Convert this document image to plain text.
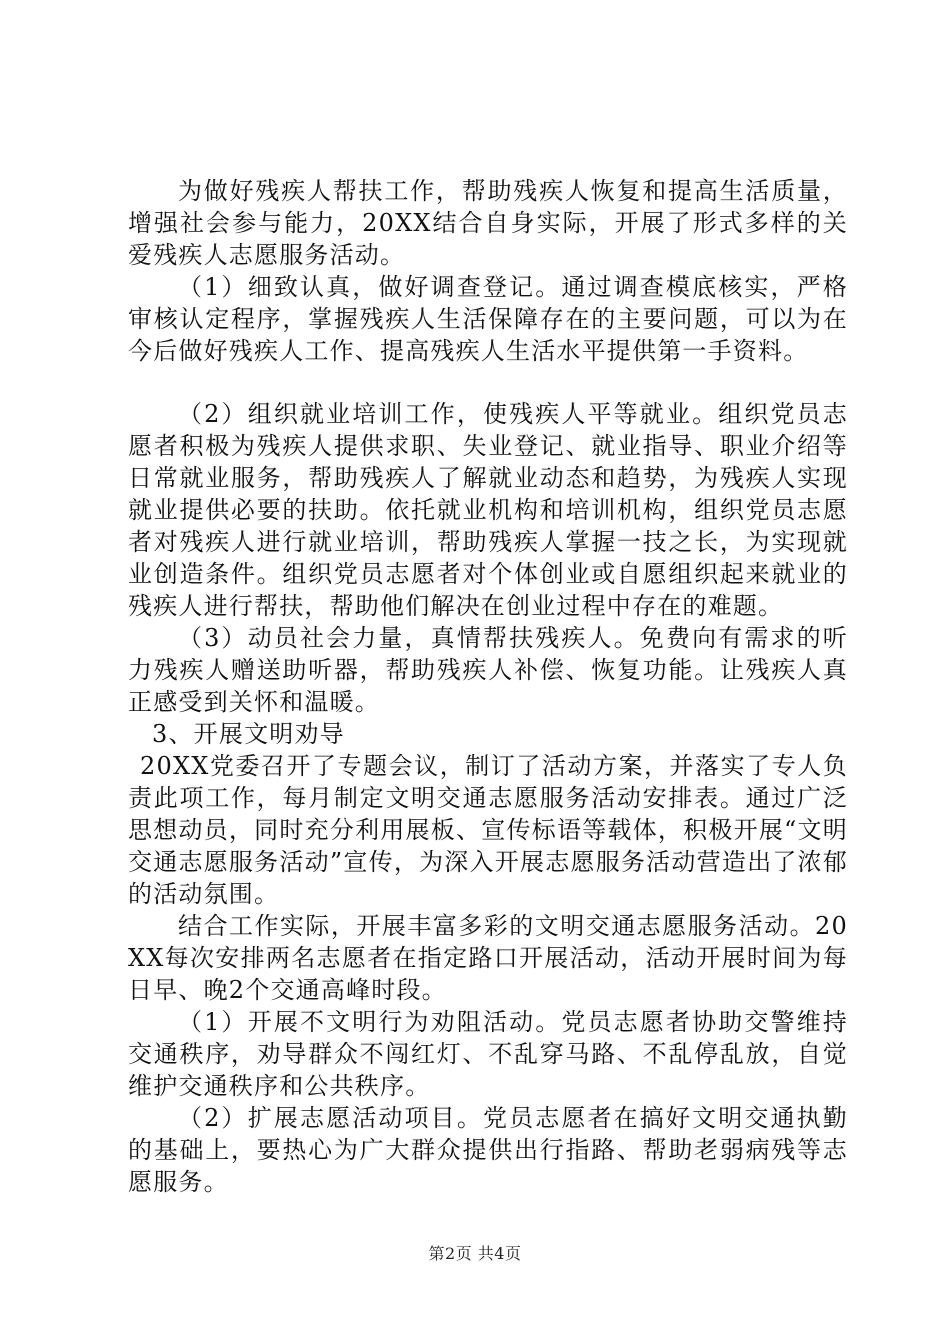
为做好残疾人帮扶工作，帮助残疾人恢复和提高生活质量，增强社会参与能力，20XX结合自身实际，开展了形式多样的关爱残疾人志愿服务活动。

（1）细致认真，做好调查登记。通过调查模底核实，严格审核认定程序，掌握残疾人生活保障存在的主要问题，可以为在今后做好残疾人工作、提高残疾人生活水平提供第一手资料。

（2）组织就业培训工作，使残疾人平等就业。组织党员志愿者积极为残疾人提供求职、失业登记、就业指导、职业介绍等日常就业服务，帮助残疾人了解就业动态和趋势，为残疾人实现就业提供必要的扶助。依托就业机构和培训机构，组织党员志愿者对残疾人进行就业培训，帮助残疾人掌握一技之长，为实现就业创造条件。组织党员志愿者对个体创业或自愿组织起来就业的残疾人进行帮扶，帮助他们解决在创业过程中存在的难题。

（3）动员社会力量，真情帮扶残疾人。免费向有需求的听力残疾人赠送助听器，帮助残疾人补偿、恢复功能。让残疾人真正感受到关怀和温暖。

3、开展文明劝导

20XX党委召开了专题会议，制订了活动方案，并落实了专人负责此项工作，每月制定文明交通志愿服务活动安排表。通过广泛思想动员，同时充分利用展板、宣传标语等载体，积极开展“文明交通志愿服务活动”宣传，为深入开展志愿服务活动营造出了浓郁的活动氛围。

结合工作实际，开展丰富多彩的文明交通志愿服务活动。20XX每次安排两名志愿者在指定路口开展活动，活动开展时间为每日早、晚2个交通高峰时段。

（1）开展不文明行为劝阻活动。党员志愿者协助交警维持交通秩序，劝导群众不闯红灯、不乱穿马路、不乱停乱放，自觉维护交通秩序和公共秩序。

（2）扩展志愿活动项目。党员志愿者在搞好文明交通执勤的基础上，要热心为广大群众提供出行指路、帮助老弱病残等志愿服务。

第2页 共4页
